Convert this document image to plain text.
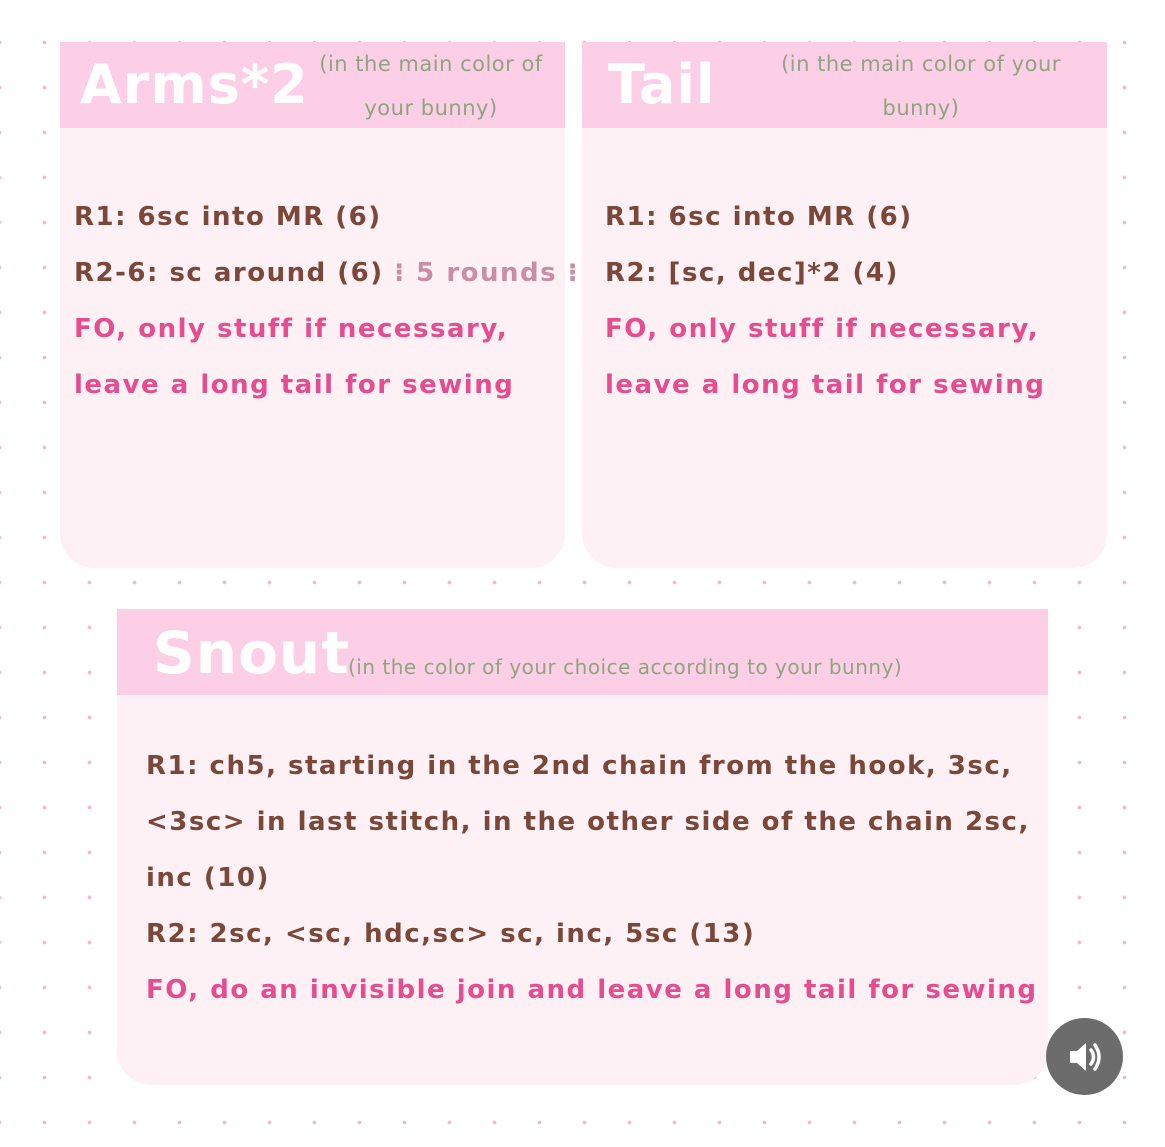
Arms*2 (in the main color of your bunny)
R1: 6sc into MR (6)
R2-6: sc around (6) ⁝ 5 rounds ⁝
FO, only stuff if necessary,
leave a long tail for sewing
Tail	(in the main color of your bunny)
R1: 6sc into MR (6)
R2: [sc, dec]*2 (4)
FO, only stuff if necessary,
leave a long tail for sewing
Snout
(in the color of your choice according to your bunny)
R1: ch5, starting in the 2nd chain from the hook, 3sc,
<3sc> in last stitch, in the other side of the chain 2sc,
inc (10)
R2: 2sc, <sc, hdc,sc> sc, inc, 5sc (13)
FO, do an invisible join and leave a long tail for sewing
